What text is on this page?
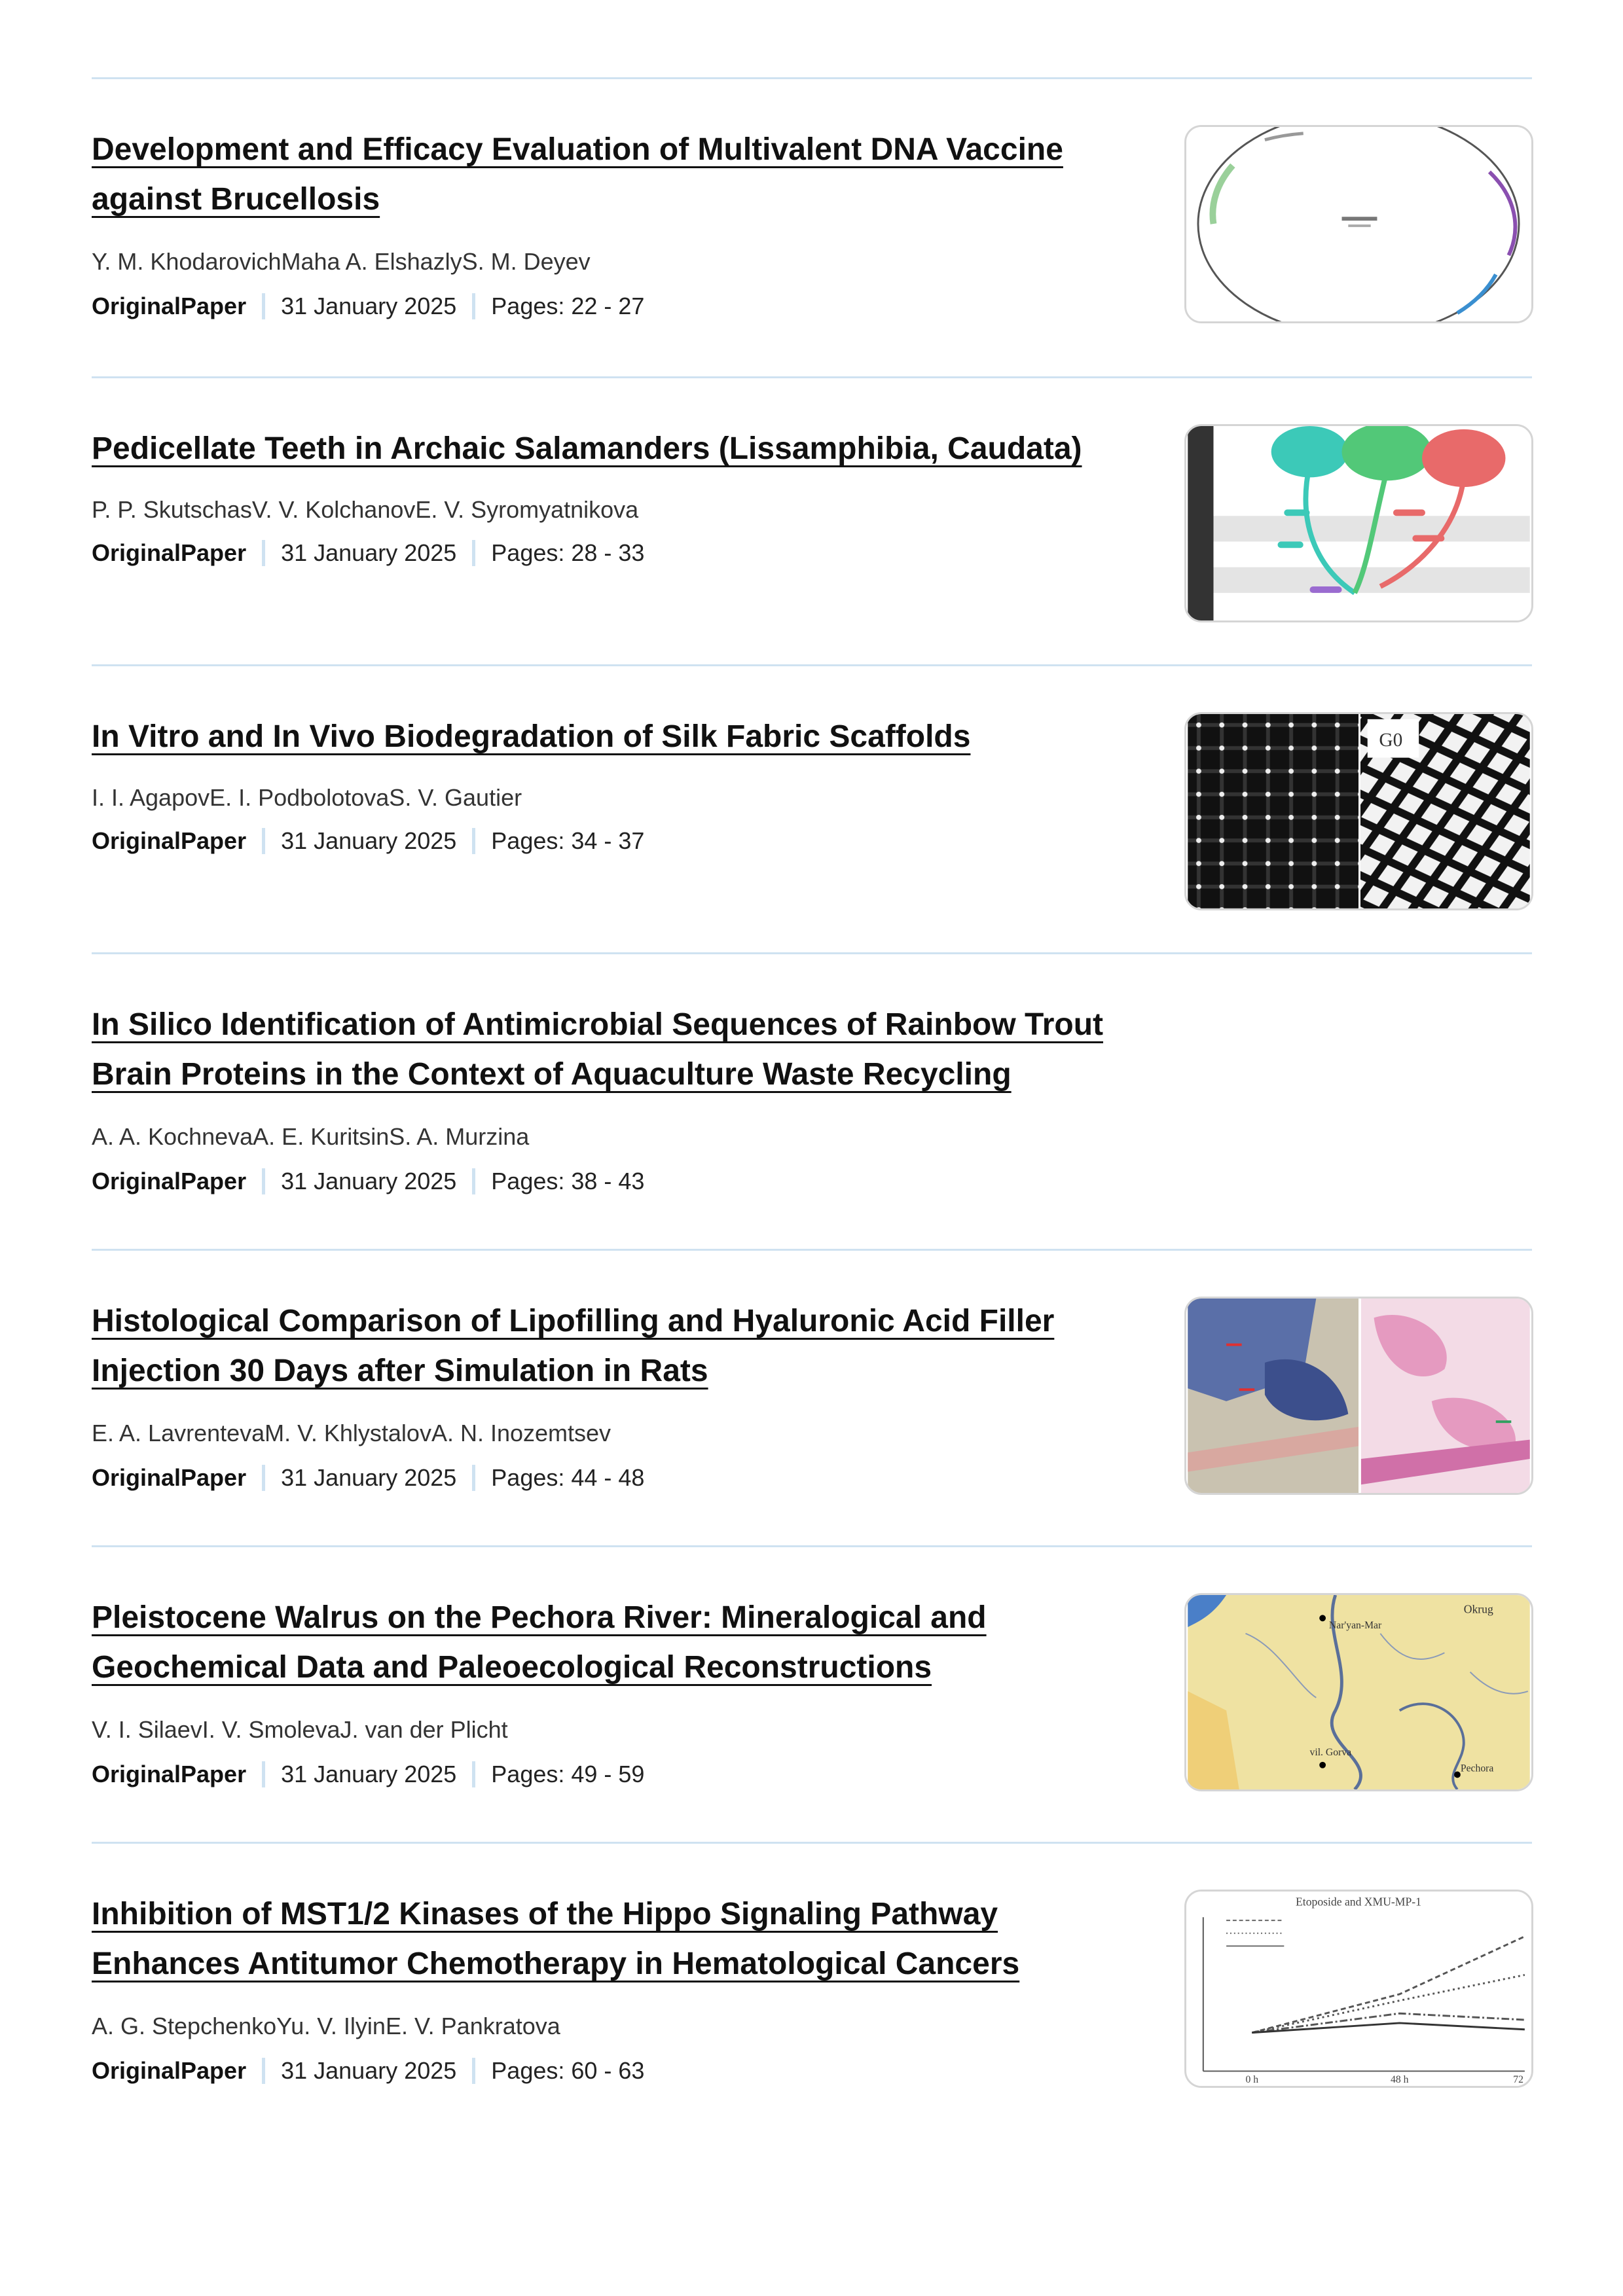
Development and Efficacy Evaluation of Multivalent DNA Vaccine
against Brucellosis
Y. M. KhodarovichMaha A. ElshazlyS. M. Deyev
OriginalPaper 31 January 2025 Pages: 22 - 27
Pedicellate Teeth in Archaic Salamanders (Lissamphibia, Caudata)
P. P. SkutschasV. V. KolchanovE. V. Syromyatnikova
OriginalPaper 31 January 2025 Pages: 28 - 33
In Vitro and In Vivo Biodegradation of Silk Fabric Scaffolds
I. I. AgapovE. I. PodbolotovaS. V. Gautier
OriginalPaper 31 January 2025 Pages: 34 - 37
G0
In Silico Identification of Antimicrobial Sequences of Rainbow Trout
Brain Proteins in the Context of Aquaculture Waste Recycling
A. A. KochnevaA. E. KuritsinS. A. Murzina
OriginalPaper 31 January 2025 Pages: 38 - 43
Histological Comparison of Lipofilling and Hyaluronic Acid Filler
Injection 30 Days after Simulation in Rats
E. A. LavrentevaM. V. KhlystalovA. N. Inozemtsev
OriginalPaper 31 January 2025 Pages: 44 - 48
Pleistocene Walrus on the Pechora River: Mineralogical and
Geochemical Data and Paleoecological Reconstructions
V. I. SilaevI. V. SmolevaJ. van der Plicht
OriginalPaper 31 January 2025 Pages: 49 - 59
Okrug
Nar'yan-Mar
vil. Gorva
Pechora
Inhibition of MST1/2 Kinases of the Hippo Signaling Pathway
Enhances Antitumor Chemotherapy in Hematological Cancers
A. G. StepchenkoYu. V. IlyinE. V. Pankratova
OriginalPaper 31 January 2025 Pages: 60 - 63
Etoposide and XMU-MP-1
0 h	48 h	72
